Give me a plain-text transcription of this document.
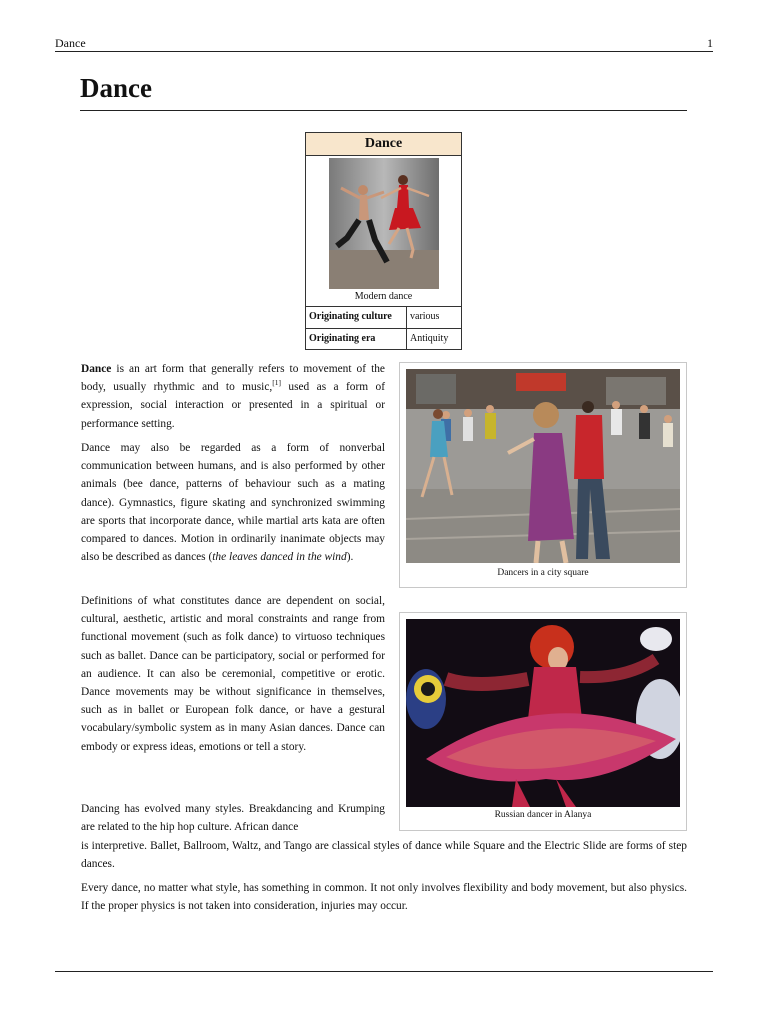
Dance	1
Dance
Dance
Modern dance
Originating culture	various
Originating era	Antiquity

Dance is an art form that generally refers to movement of the body, usually rhythmic and to music,[1] used as a form of expression, social interaction or presented in a spiritual or performance setting.

Dance may also be regarded as a form of nonverbal communication between humans, and is also performed by other animals (bee dance, patterns of behaviour such as a mating dance). Gymnastics, figure skating and synchronized swimming are sports that incorporate dance, while martial arts kata are often compared to dances. Motion in ordinarily inanimate objects may also be described as dances (the leaves danced in the wind).

Definitions of what constitutes dance are dependent on social, cultural, aesthetic, artistic and moral constraints and range from functional movement (such as folk dance) to virtuoso techniques such as ballet. Dance can be participatory, social or performed for an audience. It can also be ceremonial, competitive or erotic. Dance movements may be without significance in themselves, such as in ballet or European folk dance, or have a gestural vocabulary/symbolic system as in many Asian dances. Dance can embody or express ideas, emotions or tell a story.

Dancing has evolved many styles. Breakdancing and Krumping are related to the hip hop culture. African dance

is interpretive. Ballet, Ballroom, Waltz, and Tango are classical styles of dance while Square and the Electric Slide are forms of step dances.

Every dance, no matter what style, has something in common. It not only involves flexibility and body movement, but also physics. If the proper physics is not taken into consideration, injuries may occur.

Dancers in a city square
Russian dancer in Alanya
